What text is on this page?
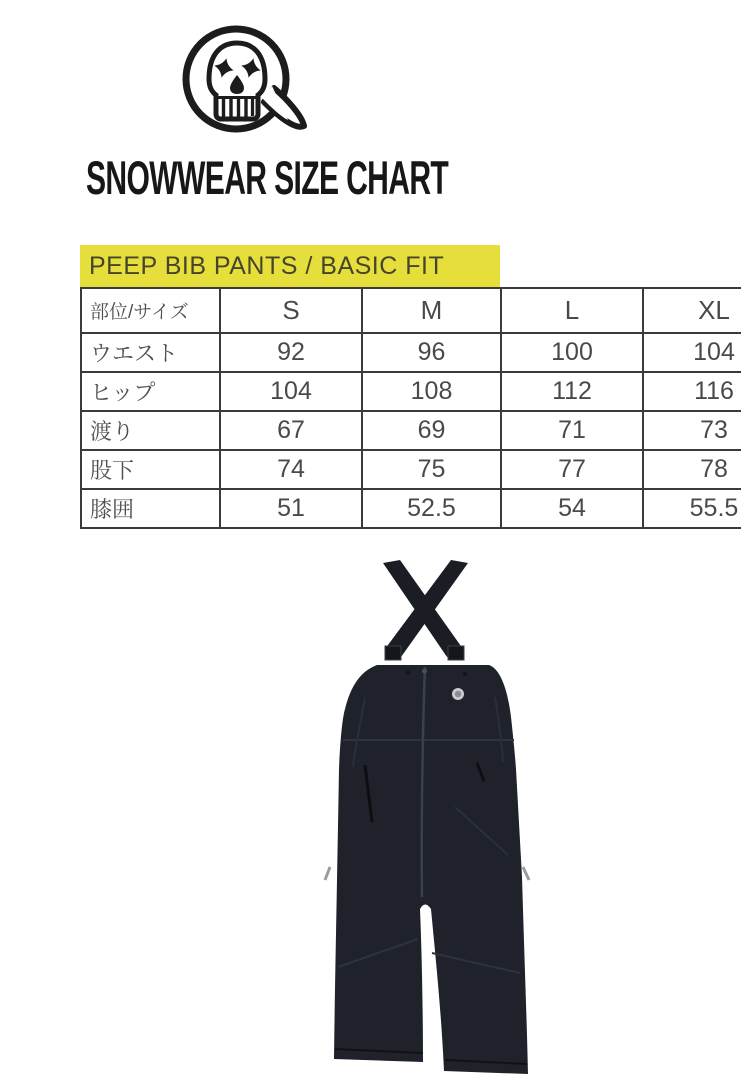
SNOWWEAR SIZE CHART
PEEP BIB PANTS / BASIC FIT
部位/サイズ	S	M	L	XL
ウエスト	92	96	100	104
ヒップ	104	108	112	116
渡り	67	69	71	73
股下	74	75	77	78
膝囲	51	52.5	54	55.5
